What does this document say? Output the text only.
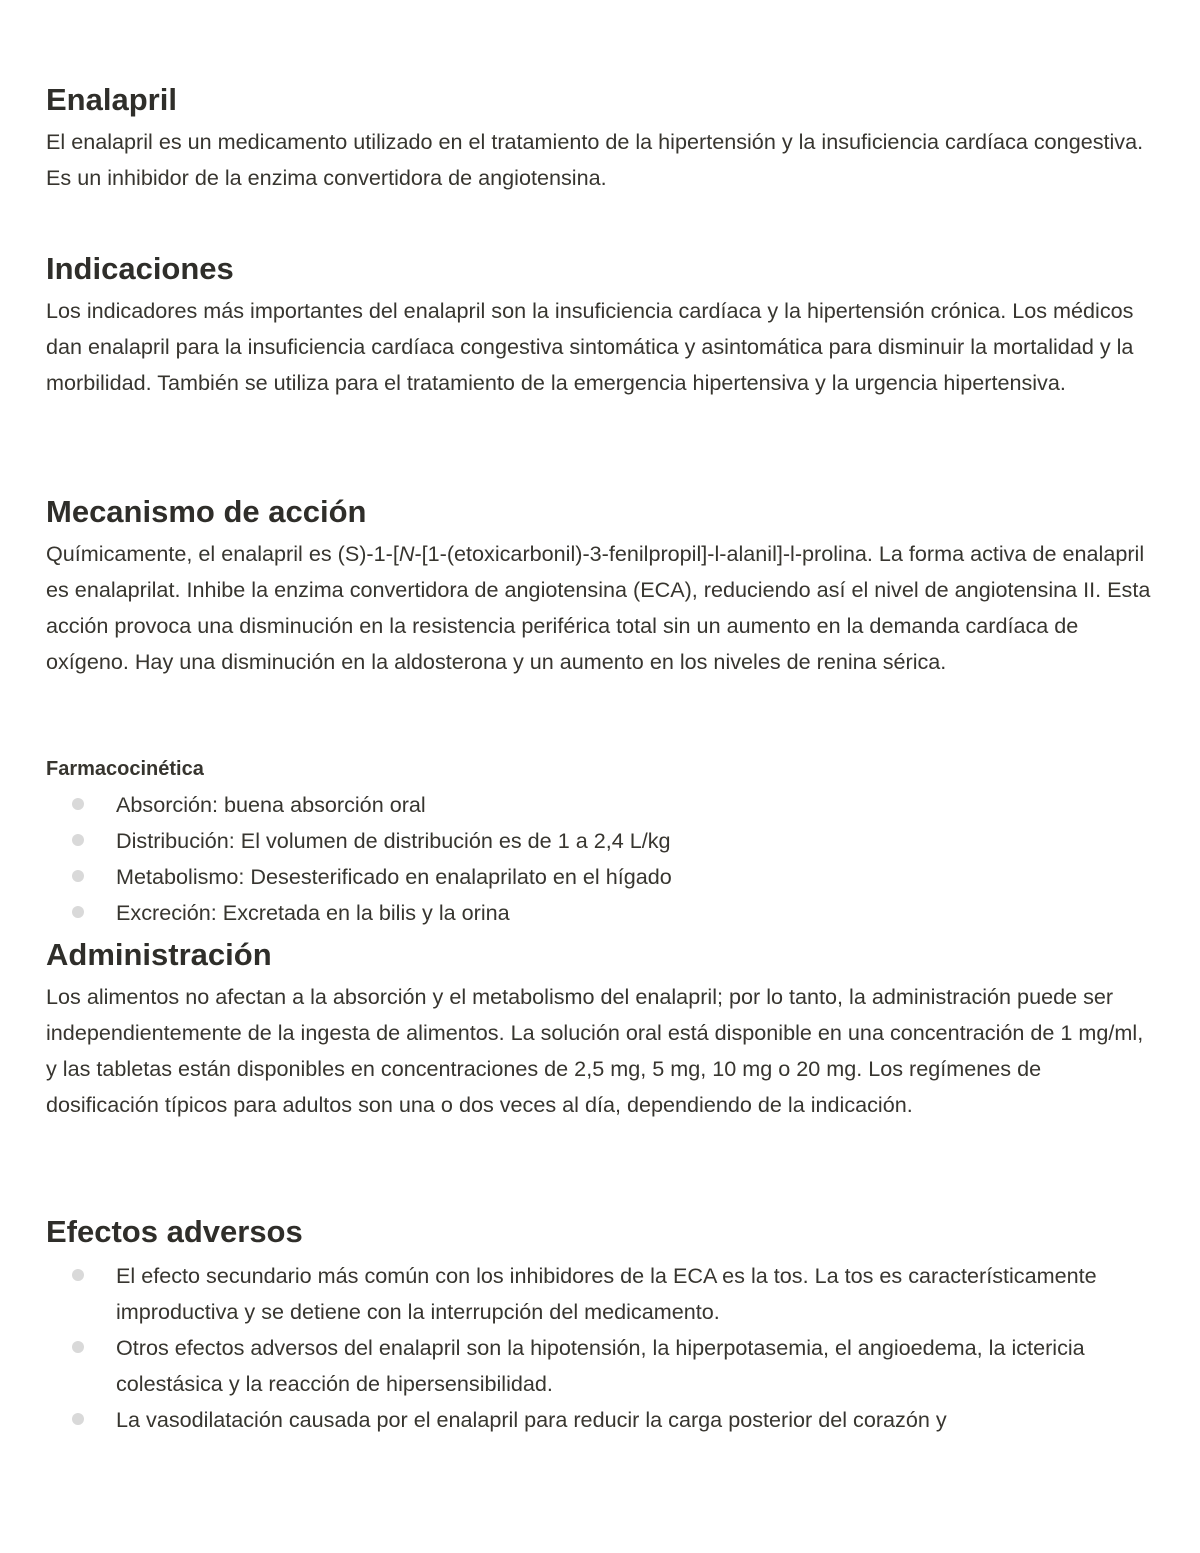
Enalapril

El enalapril es un medicamento utilizado en el tratamiento de la hipertensión y la insuficiencia cardíaca congestiva. Es un inhibidor de la enzima convertidora de angiotensina.

Indicaciones

Los indicadores más importantes del enalapril son la insuficiencia cardíaca y la hipertensión crónica. Los médicos dan enalapril para la insuficiencia cardíaca congestiva sintomática y asintomática para disminuir la mortalidad y la morbilidad. También se utiliza para el tratamiento de la emergencia hipertensiva y la urgencia hipertensiva.

Mecanismo de acción

Químicamente, el enalapril es (S)-1-[N-[1-(etoxicarbonil)-3-fenilpropil]-l-alanil]-l-prolina. La forma activa de enalapril es enalaprilat. Inhibe la enzima convertidora de angiotensina (ECA), reduciendo así el nivel de angiotensina II. Esta acción provoca una disminución en la resistencia periférica total sin un aumento en la demanda cardíaca de oxígeno. Hay una disminución en la aldosterona y un aumento en los niveles de renina sérica.

Farmacocinética
Absorción: buena absorción oral
Distribución: El volumen de distribución es de 1 a 2,4 L/kg
Metabolismo: Desesterificado en enalaprilato en el hígado
Excreción: Excretada en la bilis y la orina
Administración

Los alimentos no afectan a la absorción y el metabolismo del enalapril; por lo tanto, la administración puede ser independientemente de la ingesta de alimentos. La solución oral está disponible en una concentración de 1 mg/ml, y las tabletas están disponibles en concentraciones de 2,5 mg, 5 mg, 10 mg o 20 mg. Los regímenes de dosificación típicos para adultos son una o dos veces al día, dependiendo de la indicación.

Efectos adversos
El efecto secundario más común con los inhibidores de la ECA es la tos. La tos es característicamente improductiva y se detiene con la interrupción del medicamento.
Otros efectos adversos del enalapril son la hipotensión, la hiperpotasemia, el angioedema, la ictericia colestásica y la reacción de hipersensibilidad.
La vasodilatación causada por el enalapril para reducir la carga posterior del corazón y
